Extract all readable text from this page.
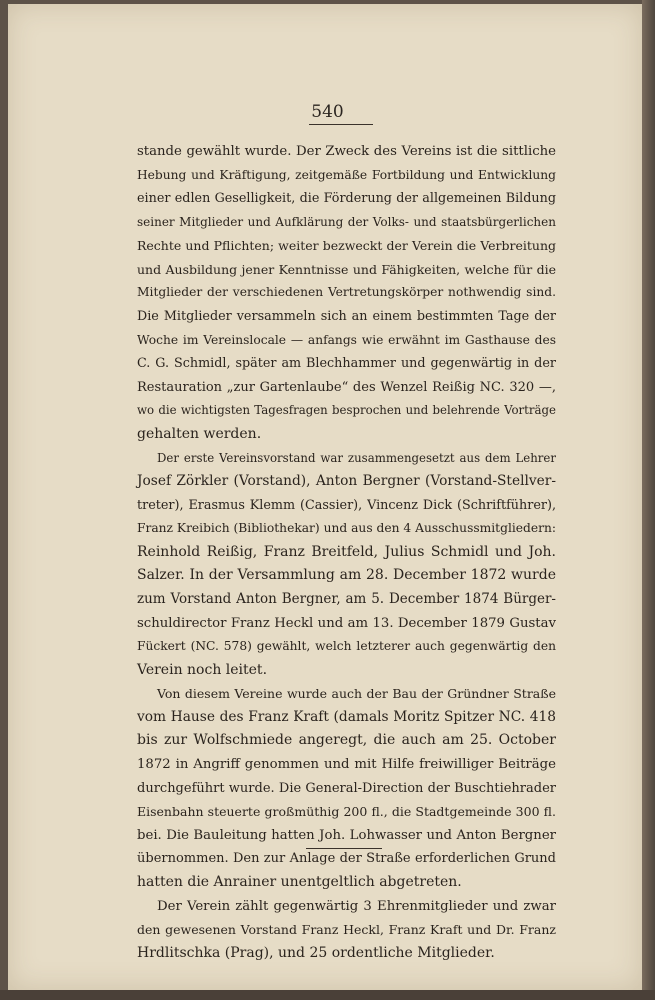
540
stande gewählt wurde. Der Zweck des Vereins ist die sittliche
Hebung und Kräftigung, zeitgemäße Fortbildung und Entwicklung
einer edlen Geselligkeit, die Förderung der allgemeinen Bildung
seiner Mitglieder und Aufklärung der Volks- und staatsbürgerlichen
Rechte und Pflichten; weiter bezweckt der Verein die Verbreitung
und Ausbildung jener Kenntnisse und Fähigkeiten, welche für die
Mitglieder der verschiedenen Vertretungskörper nothwendig sind.
Die Mitglieder versammeln sich an einem bestimmten Tage der
Woche im Vereinslocale — anfangs wie erwähnt im Gasthause des
C. G. Schmidl, später am Blechhammer und gegenwärtig in der
Restauration „zur Gartenlaube“ des Wenzel Reißig NC. 320 —,
wo die wichtigsten Tagesfragen besprochen und belehrende Vorträge
gehalten werden.
Der erste Vereinsvorstand war zusammengesetzt aus dem Lehrer
Josef Zörkler (Vorstand), Anton Bergner (Vorstand-Stellver-
treter), Erasmus Klemm (Cassier), Vincenz Dick (Schriftführer),
Franz Kreibich (Bibliothekar) und aus den 4 Ausschussmitgliedern:
Reinhold Reißig, Franz Breitfeld, Julius Schmidl und Joh.
Salzer. In der Versammlung am 28. December 1872 wurde
zum Vorstand Anton Bergner, am 5. December 1874 Bürger-
schuldirector Franz Heckl und am 13. December 1879 Gustav
Fückert (NC. 578) gewählt, welch letzterer auch gegenwärtig den
Verein noch leitet.
Von diesem Vereine wurde auch der Bau der Gründner Straße
vom Hause des Franz Kraft (damals Moritz Spitzer NC. 418
bis zur Wolfschmiede angeregt, die auch am 25. October
1872 in Angriff genommen und mit Hilfe freiwilliger Beiträge
durchgeführt wurde. Die General-Direction der Buschtiehrader
Eisenbahn steuerte großmüthig 200 fl., die Stadtgemeinde 300 fl.
bei. Die Bauleitung hatten Joh. Lohwasser und Anton Bergner
übernommen. Den zur Anlage der Straße erforderlichen Grund
hatten die Anrainer unentgeltlich abgetreten.
Der Verein zählt gegenwärtig 3 Ehrenmitglieder und zwar
den gewesenen Vorstand Franz Heckl, Franz Kraft und Dr. Franz
Hrdlitschka (Prag), und 25 ordentliche Mitglieder.
